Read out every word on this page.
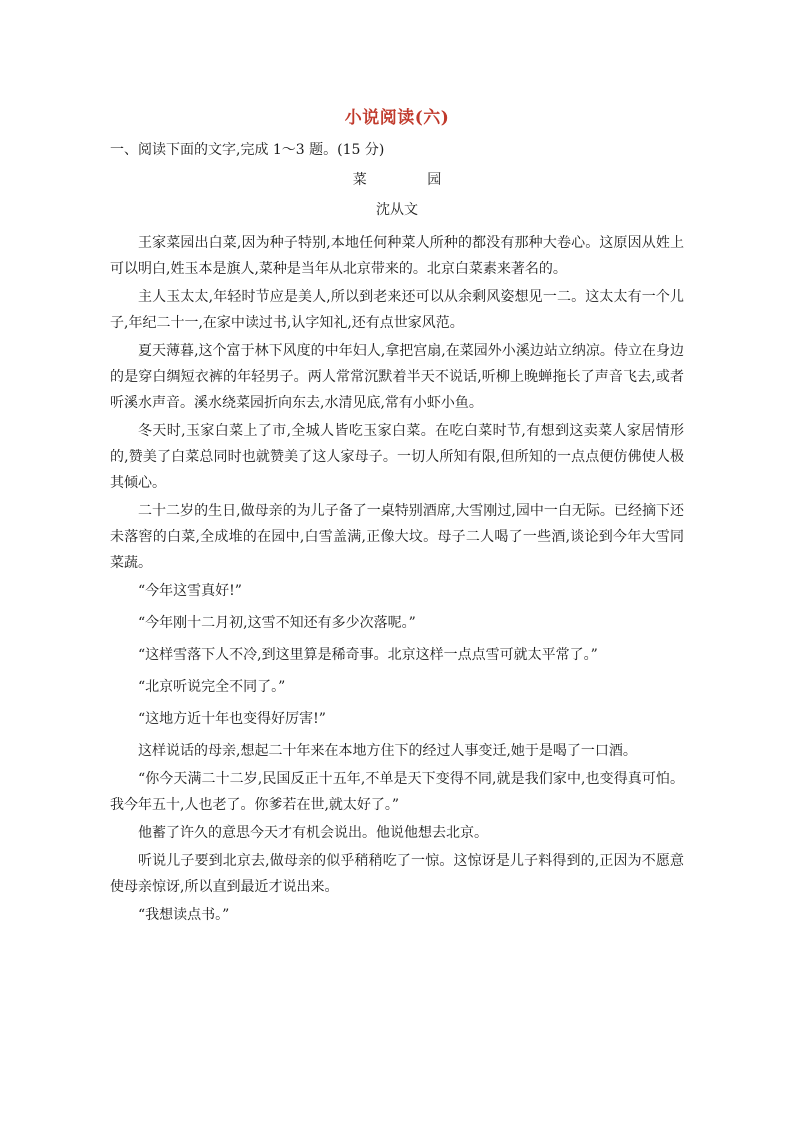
小说阅读(六)
一、阅读下面的文字,完成 1～3 题。(15 分)
菜 园
沈从文

王家菜园出白菜,因为种子特别,本地任何种菜人所种的都没有那种大卷心。这原因从姓上可以明白,姓玉本是旗人,菜种是当年从北京带来的。北京白菜素来著名的。

主人玉太太,年轻时节应是美人,所以到老来还可以从余剩风姿想见一二。这太太有一个儿子,年纪二十一,在家中读过书,认字知礼,还有点世家风范。

夏天薄暮,这个富于林下风度的中年妇人,拿把宫扇,在菜园外小溪边站立纳凉。侍立在身边的是穿白绸短衣裤的年轻男子。两人常常沉默着半天不说话,听柳上晚蝉拖长了声音飞去,或者听溪水声音。溪水绕菜园折向东去,水清见底,常有小虾小鱼。

冬天时,玉家白菜上了市,全城人皆吃玉家白菜。在吃白菜时节,有想到这卖菜人家居情形的,赞美了白菜总同时也就赞美了这人家母子。一切人所知有限,但所知的一点点便仿佛使人极其倾心。

二十二岁的生日,做母亲的为儿子备了一桌特别酒席,大雪刚过,园中一白无际。已经摘下还未落窖的白菜,全成堆的在园中,白雪盖满,正像大坟。母子二人喝了一些酒,谈论到今年大雪同菜蔬。

“今年这雪真好!”

“今年刚十二月初,这雪不知还有多少次落呢。”

“这样雪落下人不冷,到这里算是稀奇事。北京这样一点点雪可就太平常了。”

“北京听说完全不同了。”

“这地方近十年也变得好厉害!”

这样说话的母亲,想起二十年来在本地方住下的经过人事变迁,她于是喝了一口酒。

“你今天满二十二岁,民国反正十五年,不单是天下变得不同,就是我们家中,也变得真可怕。我今年五十,人也老了。你爹若在世,就太好了。”

他蓄了许久的意思今天才有机会说出。他说他想去北京。

听说儿子要到北京去,做母亲的似乎稍稍吃了一惊。这惊讶是儿子料得到的,正因为不愿意使母亲惊讶,所以直到最近才说出来。

“我想读点书。”
